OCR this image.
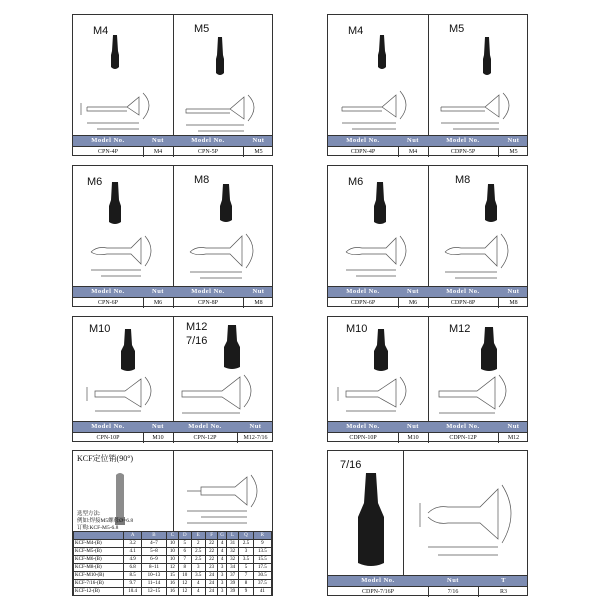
M4	M5
Model No.	Nut	Model No.	Nut
CPN-4P	M4	CPN-5P	M5
M4	M5
Model No.	Nut	Model No.	Nut
CDPN-4P	M4	CDPN-5P	M5
M6	M8
Model No.	Nut	Model No.	Nut
CPN-6P	M6	CPN-8P	M8
M6	M8
Model No.	Nut	Model No.	Nut
CDPN-6P	M6	CDPN-8P	M8
M10	M12
7/16
Model No.	Nut	Model No.	Nut
CPN-10P	M10	CPN-12P	M12-7/16
M10	M12
Model No.	Nut	Model No.	Nut
CDPN-10P	M10	CDPN-12P	M12
KCF定位销(90°)
选型方法:
例如:焊接M5螺母Ø=6.8
订购:KCF-M5-6.8
	A	B	C	D	E	F	G	L	Q	R
KCF-M4-(B)	3.2	4~7	10	5	2	22	4	31	2.5	9
KCF-M5-(B)	4.1	5~8	10	6	2.5	22	4	32	3	13.5
KCF-M6-(B)	4.9	6~9	10	7	2.5	22	4	32	3.5	15.5
KCF-M8-(B)	6.8	8~11	12	8	3	23	3	34	5	17.5
KCF-M10-(B)	8.5	10~13	15	10	3.5	24	3	37	7	30.5
KCF-7/16-(B)	9.7	11~14	16	12	4	24	3	39	8	37.5
KCF-12-(B)	10.4	12~15	16	12	4	24	3	39	9	41
7/16
Model No.	Nut	T
CDPN-7/16P	7/16	R3
